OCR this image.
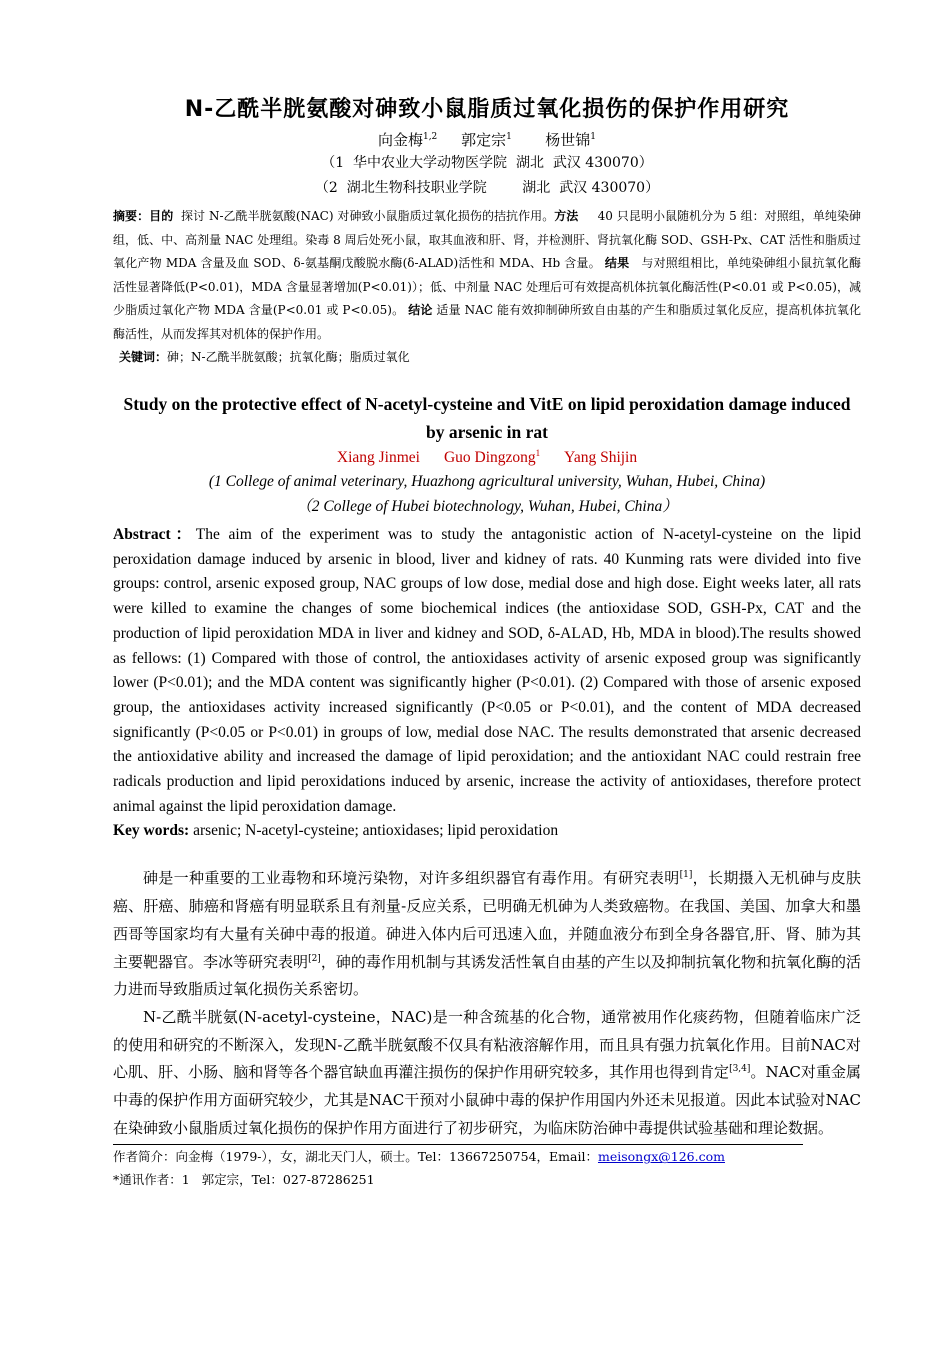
N-乙酰半胱氨酸对砷致小鼠脂质过氧化损伤的保护作用研究
向金梅$^{1,2}$ 郭定宗$^1$ 杨世锦$^1$
（1  华中农业大学动物医学院  湖北  武汉 430070）
（2  湖北生物科技职业学院        湖北  武汉 430070）
摘要：目的  探讨 N-乙酰半胱氨酸(NAC) 对砷致小鼠脂质过氧化损伤的拮抗作用。方法     40 只昆明小鼠随机分为 5 组：对照组，单纯染砷组，低、中、高剂量 NAC 处理组。染毒 8 周后处死小鼠，取其血液和肝、肾，并检测肝、肾抗氧化酶 SOD、GSH-Px、CAT 活性和脂质过氧化产物 MDA 含量及血 SOD、δ-氨基酮戊酸脱水酶(δ-ALAD)活性和 MDA、Hb 含量。 结果   与对照组相比，单纯染砷组小鼠抗氧化酶活性显著降低(P<0.01)，MDA 含量显著增加(P<0.01)）；低、中剂量 NAC 处理后可有效提高机体抗氧化酶活性(P<0.01 或 P<0.05)，减少脂质过氧化产物 MDA 含量(P<0.01 或 P<0.05)。 结论 适量 NAC 能有效抑制砷所致自由基的产生和脂质过氧化反应，提高机体抗氧化酶活性，从而发挥其对机体的保护作用。
关键词：砷；N-乙酰半胱氨酸；抗氧化酶；脂质过氧化
Study on the protective effect of N-acetyl-cysteine and VitE on lipid peroxidation damage induced by arsenic in rat
Xiang Jinmei Guo Dingzong$^1$ Yang Shijin
(1 College of animal veterinary, Huazhong agricultural university, Wuhan, Hubei, China)
（2 College of Hubei biotechnology, Wuhan, Hubei, China）
Abstract：The aim of the experiment was to study the antagonistic action of N-acetyl-cysteine on the lipid peroxidation damage induced by arsenic in blood, liver and kidney of rats. 40 Kunming rats were divided into five groups: control, arsenic exposed group, NAC groups of low dose, medial dose and high dose. Eight weeks later, all rats were killed to examine the changes of some biochemical indices (the antioxidase SOD, GSH-Px, CAT and the production of lipid peroxidation MDA in liver and kidney and SOD, δ-ALAD, Hb, MDA in blood).The results showed as fellows: (1) Compared with those of control, the antioxidases activity of arsenic exposed group was significantly lower (P<0.01); and the MDA content was significantly higher (P<0.01). (2) Compared with those of arsenic exposed group, the antioxidases activity increased significantly (P<0.05 or P<0.01), and the content of MDA decreased significantly (P<0.05 or P<0.01) in groups of low, medial dose NAC. The results demonstrated that arsenic decreased the antioxidative ability and increased the damage of lipid peroxidation; and the antioxidant NAC could restrain free radicals production and lipid peroxidations induced by arsenic, increase the activity of antioxidases, therefore protect animal against the lipid peroxidation damage.
Key words: arsenic; N-acetyl-cysteine; antioxidases; lipid peroxidation

砷是一种重要的工业毒物和环境污染物，对许多组织器官有毒作用。有研究表明[1]，长期摄入无机砷与皮肤癌、肝癌、肺癌和肾癌有明显联系且有剂量-反应关系，已明确无机砷为人类致癌物。在我国、美国、加拿大和墨西哥等国家均有大量有关砷中毒的报道。砷进入体内后可迅速入血，并随血液分布到全身各器官,肝、肾、肺为其主要靶器官。李冰等研究表明[2]，砷的毒作用机制与其诱发活性氧自由基的产生以及抑制抗氧化物和抗氧化酶的活力进而导致脂质过氧化损伤关系密切。

N-乙酰半胱氨(N-acetyl-cysteine，NAC)是一种含巯基的化合物，通常被用作化痰药物，但随着临床广泛的使用和研究的不断深入，发现N-乙酰半胱氨酸不仅具有粘液溶解作用，而且具有强力抗氧化作用。目前NAC对心肌、肝、小肠、脑和肾等各个器官缺血再灌注损伤的保护作用研究较多，其作用也得到肯定[3,4]。NAC对重金属中毒的保护作用方面研究较少，尤其是NAC干预对小鼠砷中毒的保护作用国内外还未见报道。因此本试验对NAC在染砷致小鼠脂质过氧化损伤的保护作用方面进行了初步研究，为临床防治砷中毒提供试验基础和理论数据。

作者简介：向金梅（1979-），女，湖北天门人，硕士。Tel：13667250754，Email：meisongx@126.com
*通讯作者：1   郭定宗，Tel：027-87286251
